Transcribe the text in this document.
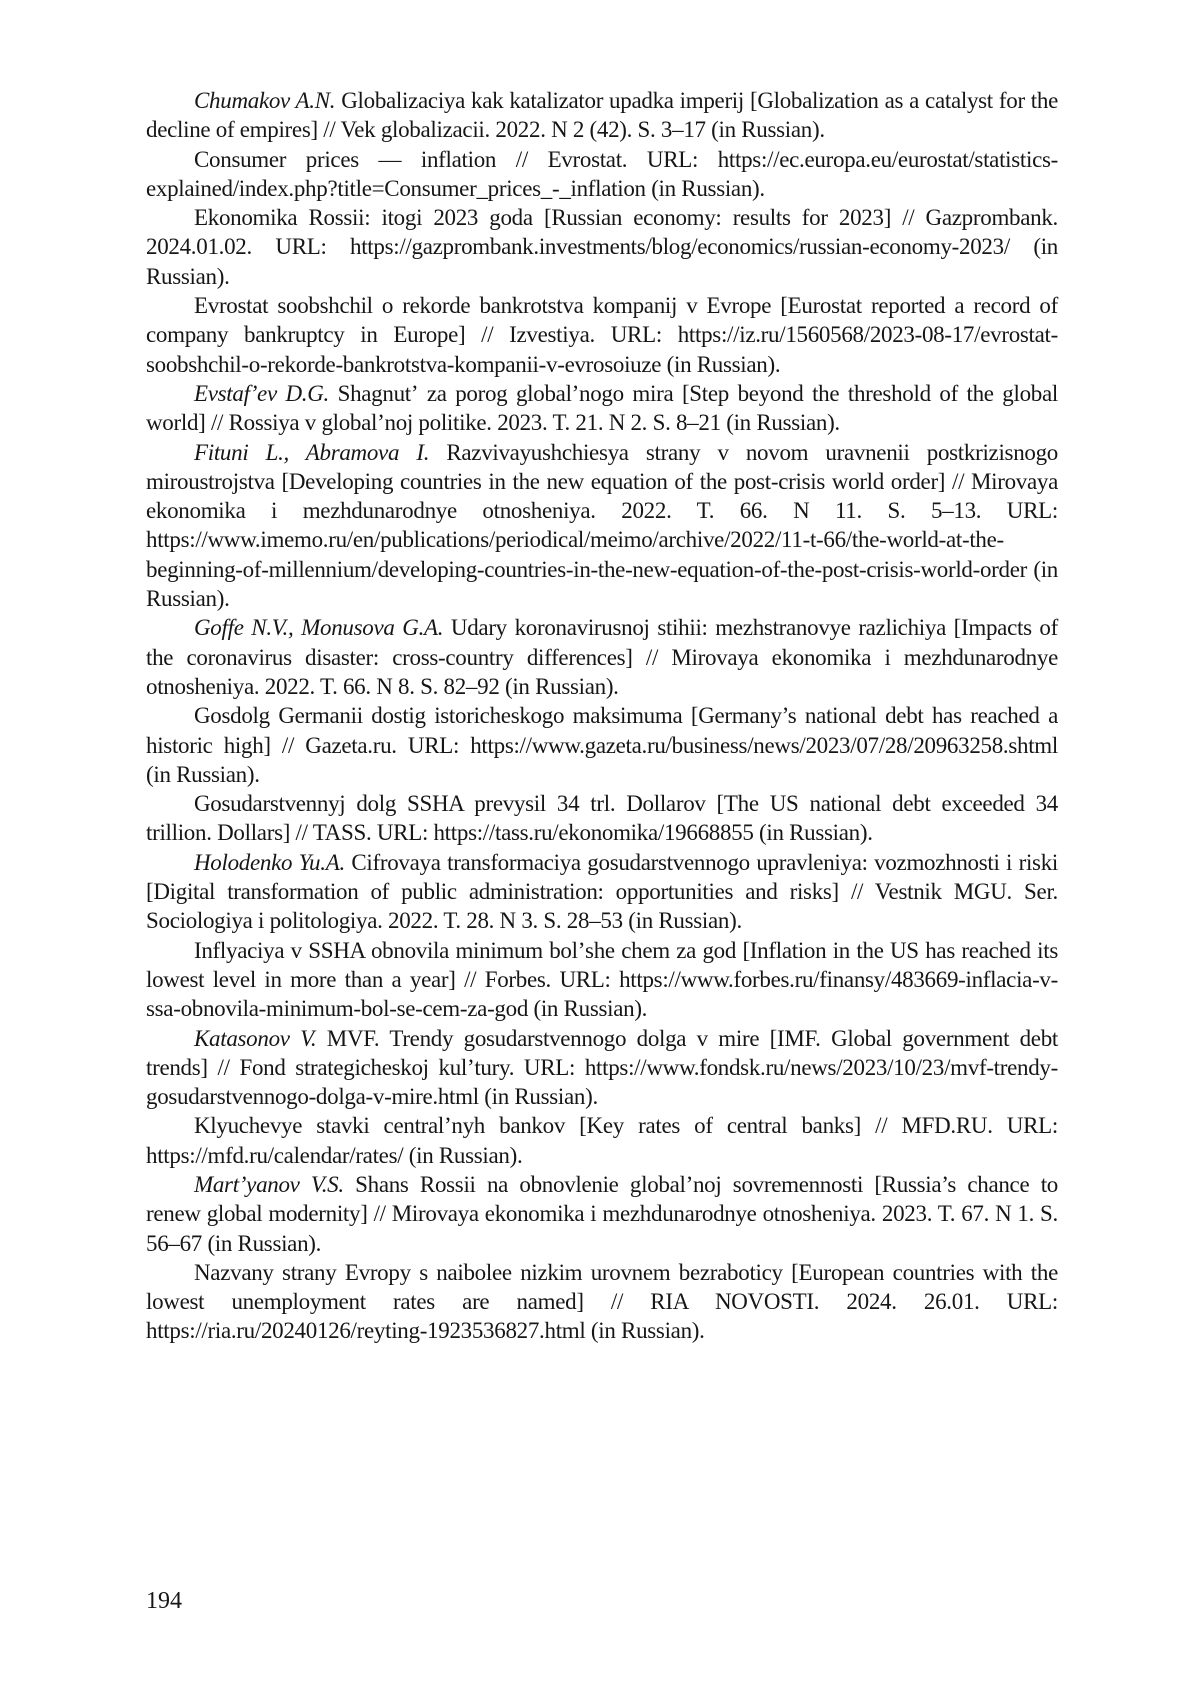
Chumakov A.N. Globalizaciya kak katalizator upadka imperij [Globalization as a catalyst for the decline of empires] // Vek globalizacii. 2022. N 2 (42). S. 3–17 (in Russian).

Consumer prices — inflation // Evrostat. URL: https://ec.europa.eu/eurostat/statistics-explained/index.php?title=Consumer_prices_-_inflation (in Russian).

Ekonomika Rossii: itogi 2023 goda [Russian economy: results for 2023] // Gazprombank. 2024.01.02. URL: https://gazprombank.investments/blog/economics/russian-economy-2023/ (in Russian).

Evrostat soobshchil o rekorde bankrotstva kompanij v Evrope [Eurostat reported a record of company bankruptcy in Europe] // Izvestiya. URL: https://iz.ru/1560568/2023-08-17/evrostat-soobshchil-o-rekorde-bankrotstva-kompanii-v-evrosoiuze (in Russian).

Evstafʼev D.G. Shagnutʼ za porog globalʼnogo mira [Step beyond the threshold of the global world] // Rossiya v globalʼnoj politike. 2023. T. 21. N 2. S. 8–21 (in Russian).

Fituni L., Abramova I. Razvivayushchiesya strany v novom uravnenii postkrizisnogo miroustrojstva [Developing countries in the new equation of the post-crisis world order] // Mirovaya ekonomika i mezhdunarodnye otnosheniya. 2022. T. 66. N 11. S. 5–13. URL: https://www.imemo.ru/en/publications/periodical/meimo/archive/2022/11-t-66/the-world-at-the-beginning-of-millennium/developing-countries-in-the-new-equation-of-the-post-crisis-world-order (in Russian).

Goffe N.V., Monusova G.A. Udary koronavirusnoj stihii: mezhstranovye razlichiya [Impacts of the coronavirus disaster: cross-country differences] // Mirovaya ekonomika i mezhdunarodnye otnosheniya. 2022. T. 66. N 8. S. 82–92 (in Russian).

Gosdolg Germanii dostig istoricheskogo maksimuma [Germany’s national debt has reached a historic high] // Gazeta.ru. URL: https://www.gazeta.ru/business/news/2023/07/28/20963258.shtml (in Russian).

Gosudarstvennyj dolg SSHA prevysil 34 trl. Dollarov [The US national debt exceeded 34 trillion. Dollars] // TASS. URL: https://tass.ru/ekonomika/19668855 (in Russian).

Holodenko Yu.A. Cifrovaya transformaciya gosudarstvennogo upravleniya: vozmozhnosti i riski [Digital transformation of public administration: opportunities and risks] // Vestnik MGU. Ser. Sociologiya i politologiya. 2022. T. 28. N 3. S. 28–53 (in Russian).

Inflyaciya v SSHA obnovila minimum bolʼshe chem za god [Inflation in the US has reached its lowest level in more than a year] // Forbes. URL: https://www.forbes.ru/finansy/483669-inflacia-v-ssa-obnovila-minimum-bol-se-cem-za-god (in Russian).

Katasonov V. MVF. Trendy gosudarstvennogo dolga v mire [IMF. Global government debt trends] // Fond strategicheskoj kulʼtury. URL: https://www.fondsk.ru/news/2023/10/23/mvf-trendy-gosudarstvennogo-dolga-v-mire.html (in Russian).

Klyuchevye stavki centralʼnyh bankov [Key rates of central banks] // MFD.RU. URL: https://mfd.ru/calendar/rates/ (in Russian).

Martʼyanov V.S. Shans Rossii na obnovlenie globalʼnoj sovremennosti [Russia’s chance to renew global modernity] // Mirovaya ekonomika i mezhdunarodnye otnosheniya. 2023. T. 67. N 1. S. 56–67 (in Russian).

Nazvany strany Evropy s naibolee nizkim urovnem bezraboticy [European countries with the lowest unemployment rates are named] // RIA NOVOSTI. 2024. 26.01. URL: https://ria.ru/20240126/reyting-1923536827.html (in Russian).

194
